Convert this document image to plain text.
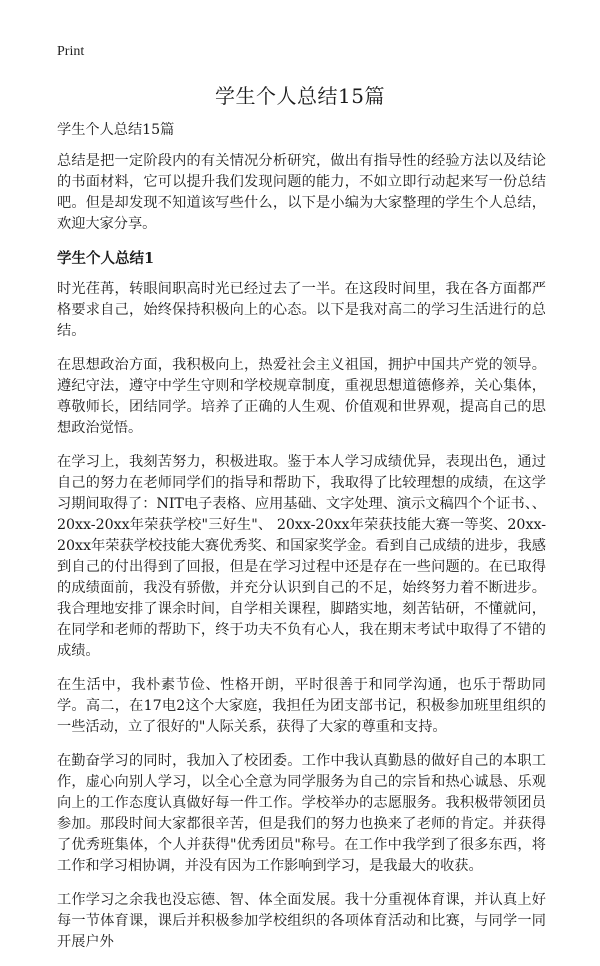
Print
学生个人总结15篇

学生个人总结15篇

总结是把一定阶段内的有关情况分析研究，做出有指导性的经验方法以及结论的书面材料，它可以提升我们发现问题的能力，不如立即行动起来写一份总结吧。但是却发现不知道该写些什么，以下是小编为大家整理的学生个人总结，欢迎大家分享。

学生个人总结1

时光荏苒，转眼间职高时光已经过去了一半。在这段时间里，我在各方面都严格要求自己，始终保持积极向上的心态。以下是我对高二的学习生活进行的总结。

在思想政治方面，我积极向上，热爱社会主义祖国，拥护中国共产党的领导。遵纪守法，遵守中学生守则和学校规章制度，重视思想道德修养，关心集体，尊敬师长，团结同学。培养了正确的人生观、价值观和世界观，提高自己的思想政治觉悟。

在学习上，我刻苦努力，积极进取。鉴于本人学习成绩优异，表现出色，通过自己的努力在老师同学们的指导和帮助下，我取得了比较理想的成绩，在这学习期间取得了：NIT电子表格、应用基础、文字处理、演示文稿四个个证书、、20xx-20xx年荣获学校"三好生"、 20xx-20xx年荣获技能大赛一等奖、20xx-20xx年荣获学校技能大赛优秀奖、和国家奖学金。看到自己成绩的进步，我感到自己的付出得到了回报，但是在学习过程中还是存在一些问题的。在已取得的成绩面前，我没有骄傲，并充分认识到自己的不足，始终努力着不断进步。我合理地安排了课余时间，自学相关课程，脚踏实地，刻苦钻研，不懂就问，在同学和老师的帮助下，终于功夫不负有心人，我在期末考试中取得了不错的成绩。

在生活中，我朴素节俭、性格开朗，平时很善于和同学沟通，也乐于帮助同学。高二，在17电2这个大家庭，我担任为团支部书记，积极参加班里组织的一些活动，立了很好的"人际关系，获得了大家的尊重和支持。

在勤奋学习的同时，我加入了校团委。工作中我认真勤恳的做好自己的本职工作，虚心向别人学习，以全心全意为同学服务为自己的宗旨和热心诚恳、乐观向上的工作态度认真做好每一件工作。学校举办的志愿服务。我积极带领团员参加。那段时间大家都很辛苦，但是我们的努力也换来了老师的肯定。并获得了优秀班集体，个人并获得"优秀团员"称号。在工作中我学到了很多东西，将工作和学习相协调，并没有因为工作影响到学习，是我最大的收获。

工作学习之余我也没忘德、智、体全面发展。我十分重视体育课，并认真上好每一节体育课，课后并积极参加学校组织的各项体育活动和比赛，与同学一同开展户外
